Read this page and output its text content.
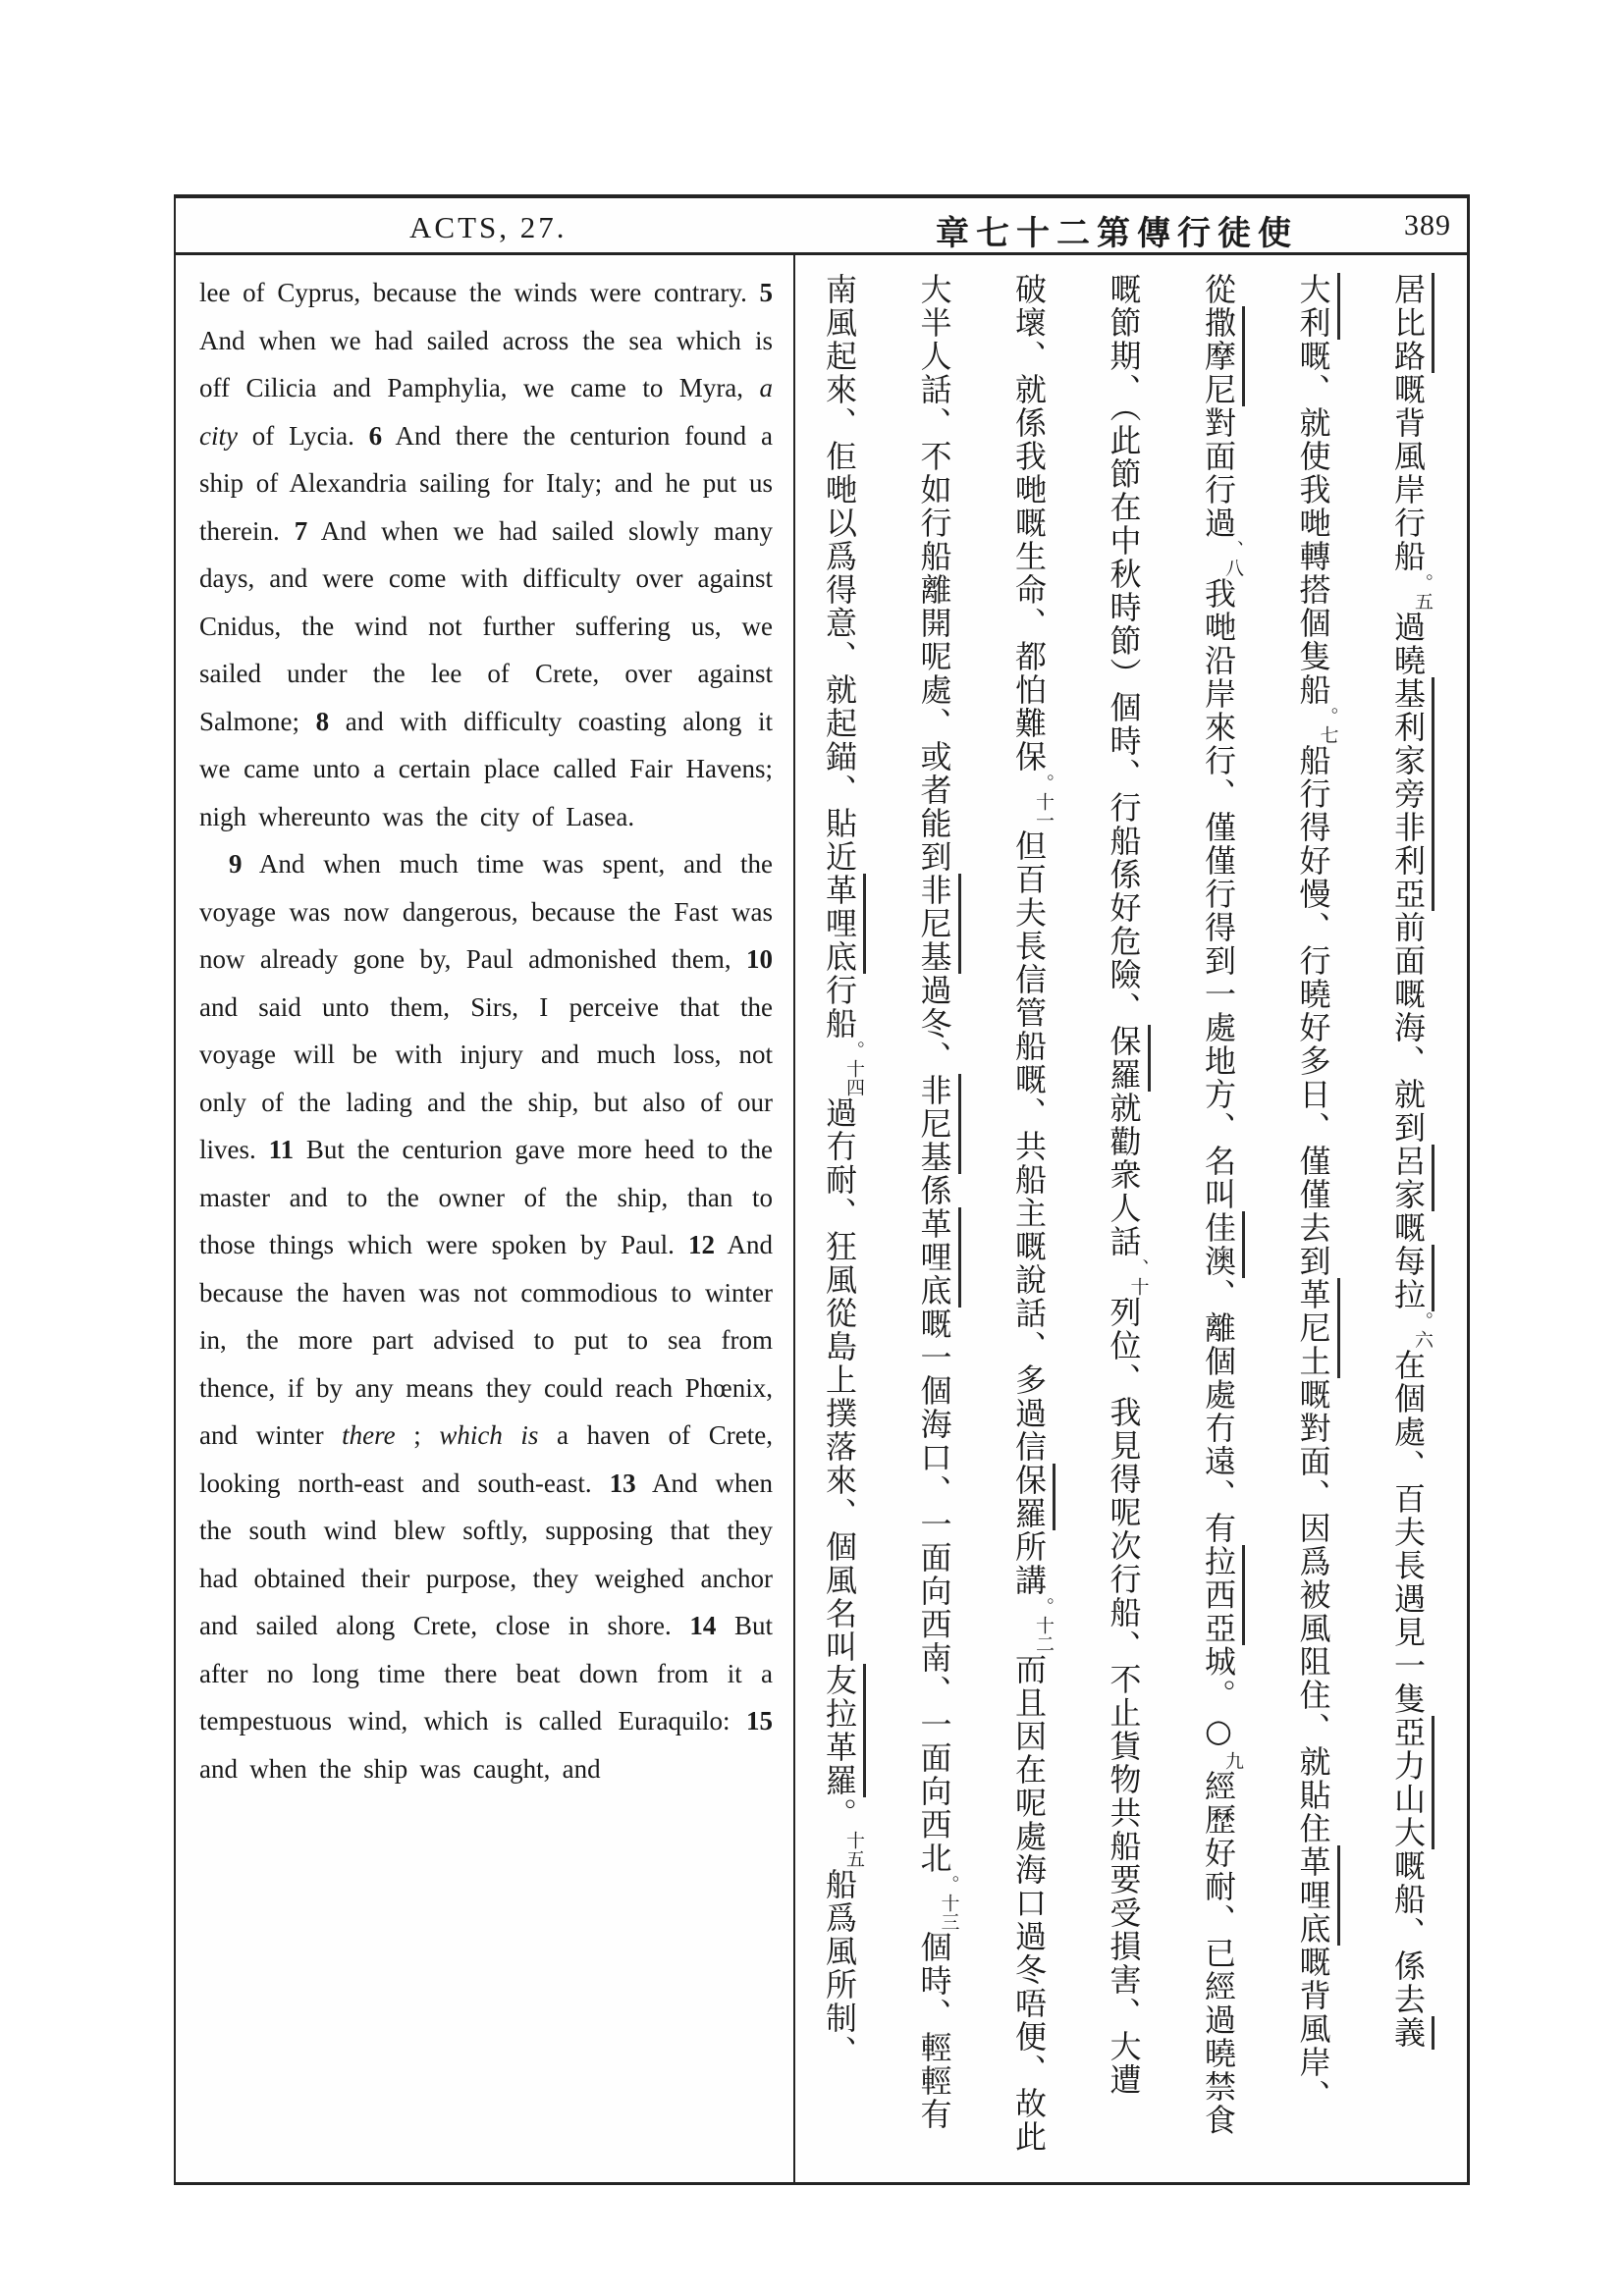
ACTS, 27.	章七十二第傳行徒使	389

lee of Cyprus, because the winds were contrary. 5 And when we had sailed across the sea which is off Cilicia and Pamphylia, we came to Myra, a city of Lycia. 6 And there the centurion found a ship of Alexandria sailing for Italy; and he put us therein. 7 And when we had sailed slowly many days, and were come with difficulty over against Cnidus, the wind not further suffering us, we sailed under the lee of Crete, over against Salmone; 8 and with difficulty coasting along it we came unto a certain place called Fair Havens; nigh whereunto was the city of Lasea.

9 And when much time was spent, and the voyage was now dangerous, because the Fast was now already gone by, Paul admonished them, 10 and said unto them, Sirs, I perceive that the voyage will be with injury and much loss, not only of the lading and the ship, but also of our lives. 11 But the centurion gave more heed to the master and to the owner of the ship, than to those things which were spoken by Paul. 12 And because the haven was not commodious to winter in, the more part advised to put to sea from thence, if by any means they could reach Phœnix, and winter there ; which is a haven of Crete, looking north-east and south-east. 13 And when the south wind blew softly, supposing that they had obtained their purpose, they weighed anchor and sailed along Crete, close in shore. 14 But after no long time there beat down from it a tempestuous wind, which is called Euraquilo: 15 and when the ship was caught, and

居比路嘅背風岸行船。五過曉基利家旁非利亞前面嘅海、就到呂家嘅每拉。六在個處、百夫長遇見一隻亞力山大嘅船、係去義
大利嘅、就使我哋轉搭個隻船。七船行得好慢、行曉好多日、僅僅去到革尼土嘅對面、因爲被風阻住、就貼住革哩底嘅背風岸、
從撒摩尼對面行過、八我哋沿岸來行、僅僅行得到一處地方、名叫佳澳、離個處冇遠、有拉西亞城。○九經歷好耐、已經過曉禁食
嘅節期、（此節在中秋時節）個時、行船係好危險、保羅就勸衆人話、十列位、我見得呢次行船、不止貨物共船要受損害、大遭
破壞、就係我哋嘅生命、都怕難保。十一但百夫長信管船嘅、共船主嘅說話、多過信保羅所講。十二而且因在呢處海口過冬唔便、故此
大半人話、不如行船離開呢處、或者能到非尼基過冬、非尼基係革哩底嘅一個海口、一面向西南、一面向西北。十三個時、輕輕有
南風起來、佢哋以爲得意、就起錨、貼近革哩底行船。十四過冇耐、狂風從島上撲落來、個風名叫友拉革羅。十五船爲風所制、
